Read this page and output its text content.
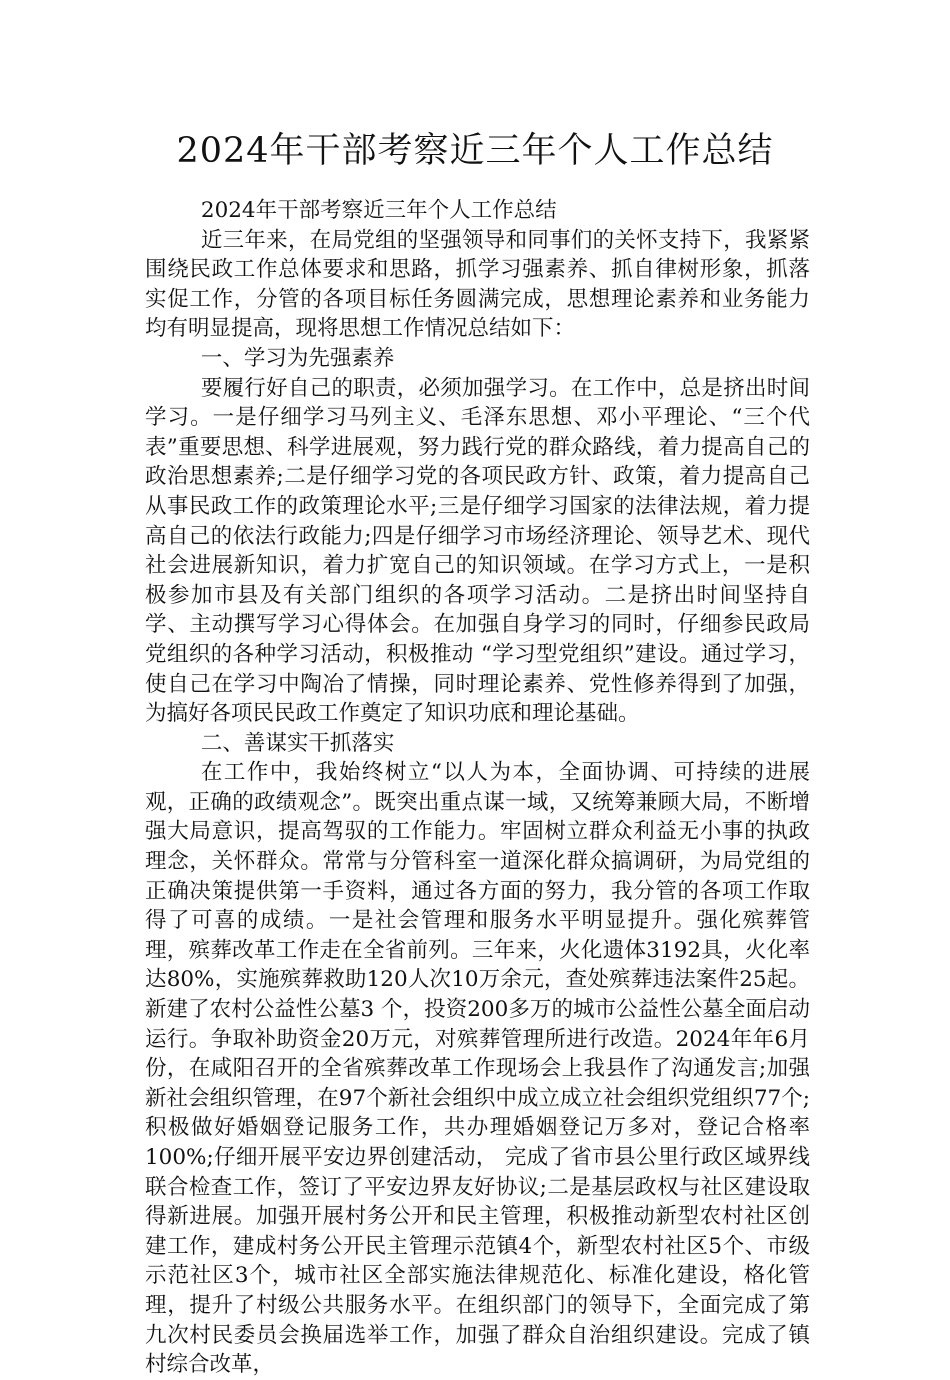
2024年干部考察近三年个人工作总结

2024年干部考察近三年个人工作总结

近三年来，在局党组的坚强领导和同事们的关怀支持下，我紧紧围绕民政工作总体要求和思路，抓学习强素养、抓自律树形象，抓落实促工作，分管的各项目标任务圆满完成，思想理论素养和业务能力均有明显提高，现将思想工作情况总结如下：

一、学习为先强素养

要履行好自己的职责，必须加强学习。在工作中，总是挤出时间学习。一是仔细学习马列主义、毛泽东思想、邓小平理论、“三个代表”重要思想、科学进展观，努力践行党的群众路线，着力提高自己的政治思想素养;二是仔细学习党的各项民政方针、政策，着力提高自己从事民政工作的政策理论水平;三是仔细学习国家的法律法规，着力提高自己的依法行政能力;四是仔细学习市场经济理论、领导艺术、现代社会进展新知识，着力扩宽自己的知识领域。在学习方式上，一是积极参加市县及有关部门组织的各项学习活动。二是挤出时间坚持自学、主动撰写学习心得体会。在加强自身学习的同时，仔细参民政局党组织的各种学习活动，积极推动 “学习型党组织”建设。通过学习，使自己在学习中陶冶了情操，同时理论素养、党性修养得到了加强，为搞好各项民民政工作奠定了知识功底和理论基础。

二、善谋实干抓落实

在工作中，我始终树立“以人为本，全面协调、可持续的进展观，正确的政绩观念”。既突出重点谋一域，又统筹兼顾大局，不断增强大局意识，提高驾驭的工作能力。牢固树立群众利益无小事的执政理念，关怀群众。常常与分管科室一道深化群众搞调研，为局党组的正确决策提供第一手资料，通过各方面的努力，我分管的各项工作取得了可喜的成绩。一是社会管理和服务水平明显提升。强化殡葬管理，殡葬改革工作走在全省前列。三年来，火化遗体3192具，火化率达80%，实施殡葬救助120人次10万余元，查处殡葬违法案件25起。新建了农村公益性公墓3 个，投资200多万的城市公益性公墓全面启动运行。争取补助资金20万元，对殡葬管理所进行改造。2024年年6月份，在咸阳召开的全省殡葬改革工作现场会上我县作了沟通发言;加强新社会组织管理，在97个新社会组织中成立成立社会组织党组织77个;积极做好婚姻登记服务工作，共办理婚姻登记万多对，登记合格率100%;仔细开展平安边界创建活动， 完成了省市县公里行政区域界线联合检查工作，签订了平安边界友好协议;二是基层政权与社区建设取得新进展。加强开展村务公开和民主管理，积极推动新型农村社区创建工作，建成村务公开民主管理示范镇4个，新型农村社区5个、市级示范社区3个，城市社区全部实施法律规范化、标准化建设，格化管理，提升了村级公共服务水平。在组织部门的领导下，全面完成了第九次村民委员会换届选举工作，加强了群众自治组织建设。完成了镇村综合改革，
